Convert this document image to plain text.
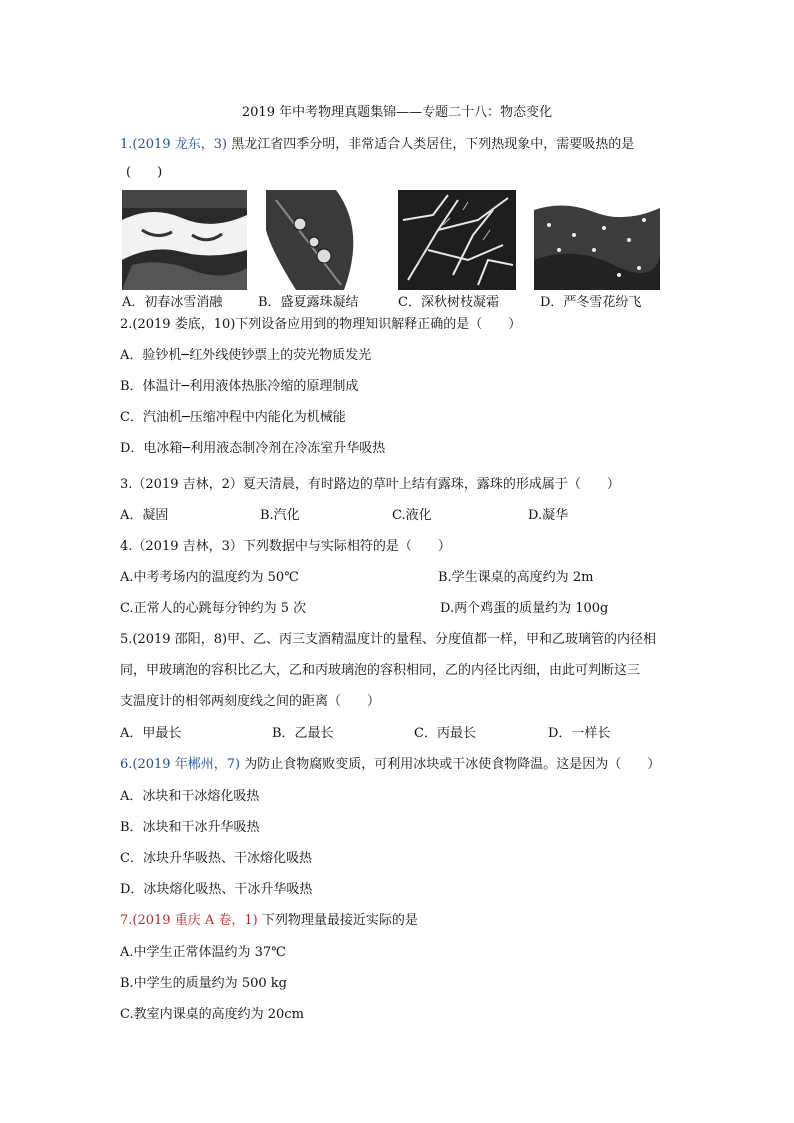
2019 年中考物理真题集锦——专题二十八：物态变化
1.(2019 龙东，3) 黑龙江省四季分明，非常适合人类居住，下列热现象中，需要吸热的是
(　　)
A．初春冰雪消融	B．盛夏露珠凝结	C．深秋树枝凝霜	D．严冬雪花纷飞
2.(2019 娄底，10)下列设备应用到的物理知识解释正确的是（　　）
A．验钞机─红外线使钞票上的荧光物质发光
B．体温计─利用液体热胀冷缩的原理制成
C．汽油机─压缩冲程中内能化为机械能
D．电冰箱─利用液态制冷剂在冷冻室升华吸热
3.（2019 吉林，2）夏天清晨，有时路边的草叶上结有露珠，露珠的形成属于（　　）
A．凝固	B.汽化	C.液化	D.凝华
4.（2019 吉林，3）下列数据中与实际相符的是（　　）
A.中考考场内的温度约为 50℃	B.学生课桌的高度约为 2m
C.正常人的心跳每分钟约为 5 次	D.两个鸡蛋的质量约为 100g
5.(2019 邵阳，8)甲、乙、丙三支酒精温度计的量程、分度值都一样，甲和乙玻璃管的内径相
同，甲玻璃泡的容积比乙大，乙和丙玻璃泡的容积相同，乙的内径比丙细，由此可判断这三
支温度计的相邻两刻度线之间的距离（　　）
A．甲最长	B．乙最长	C．丙最长	D．一样长
6.(2019 年郴州，7) 为防止食物腐败变质，可利用冰块或干冰使食物降温。这是因为（　　）
A．冰块和干冰熔化吸热
B．冰块和干冰升华吸热
C．冰块升华吸热、干冰熔化吸热
D．冰块熔化吸热、干冰升华吸热
7.(2019 重庆 A 卷，1) 下列物理量最接近实际的是
A.中学生正常体温约为 37℃
B.中学生的质量约为 500 kg
C.教室内课桌的高度约为 20cm
